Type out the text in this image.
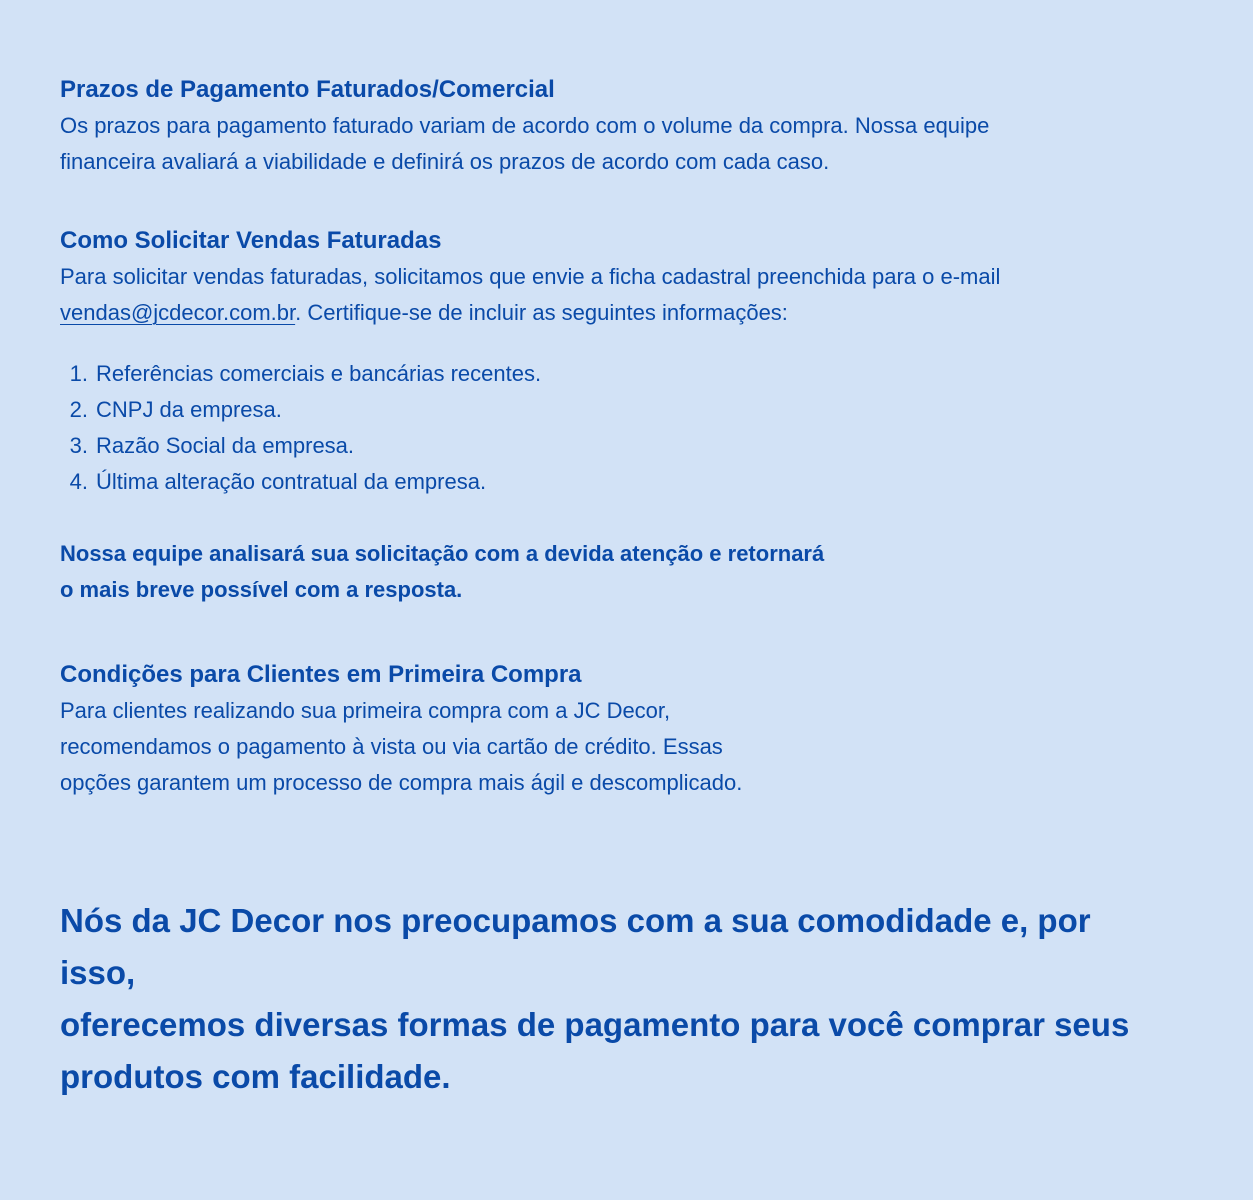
Prazos de Pagamento Faturados/Comercial

Os prazos para pagamento faturado variam de acordo com o volume da compra. Nossa equipe
financeira avaliará a viabilidade e definirá os prazos de acordo com cada caso.

Como Solicitar Vendas Faturadas

Para solicitar vendas faturadas, solicitamos que envie a ficha cadastral preenchida para o e-mail
vendas@jcdecor.com.br. Certifique-se de incluir as seguintes informações:

1. Referências comerciais e bancárias recentes.
2. CNPJ da empresa.
3. Razão Social da empresa.
4. Última alteração contratual da empresa.

Nossa equipe analisará sua solicitação com a devida atenção e retornará
o mais breve possível com a resposta.

Condições para Clientes em Primeira Compra

Para clientes realizando sua primeira compra com a JC Decor,
recomendamos o pagamento à vista ou via cartão de crédito. Essas
opções garantem um processo de compra mais ágil e descomplicado.

Nós da JC Decor nos preocupamos com a sua comodidade e, por isso,
oferecemos diversas formas de pagamento para você comprar seus
produtos com facilidade.
